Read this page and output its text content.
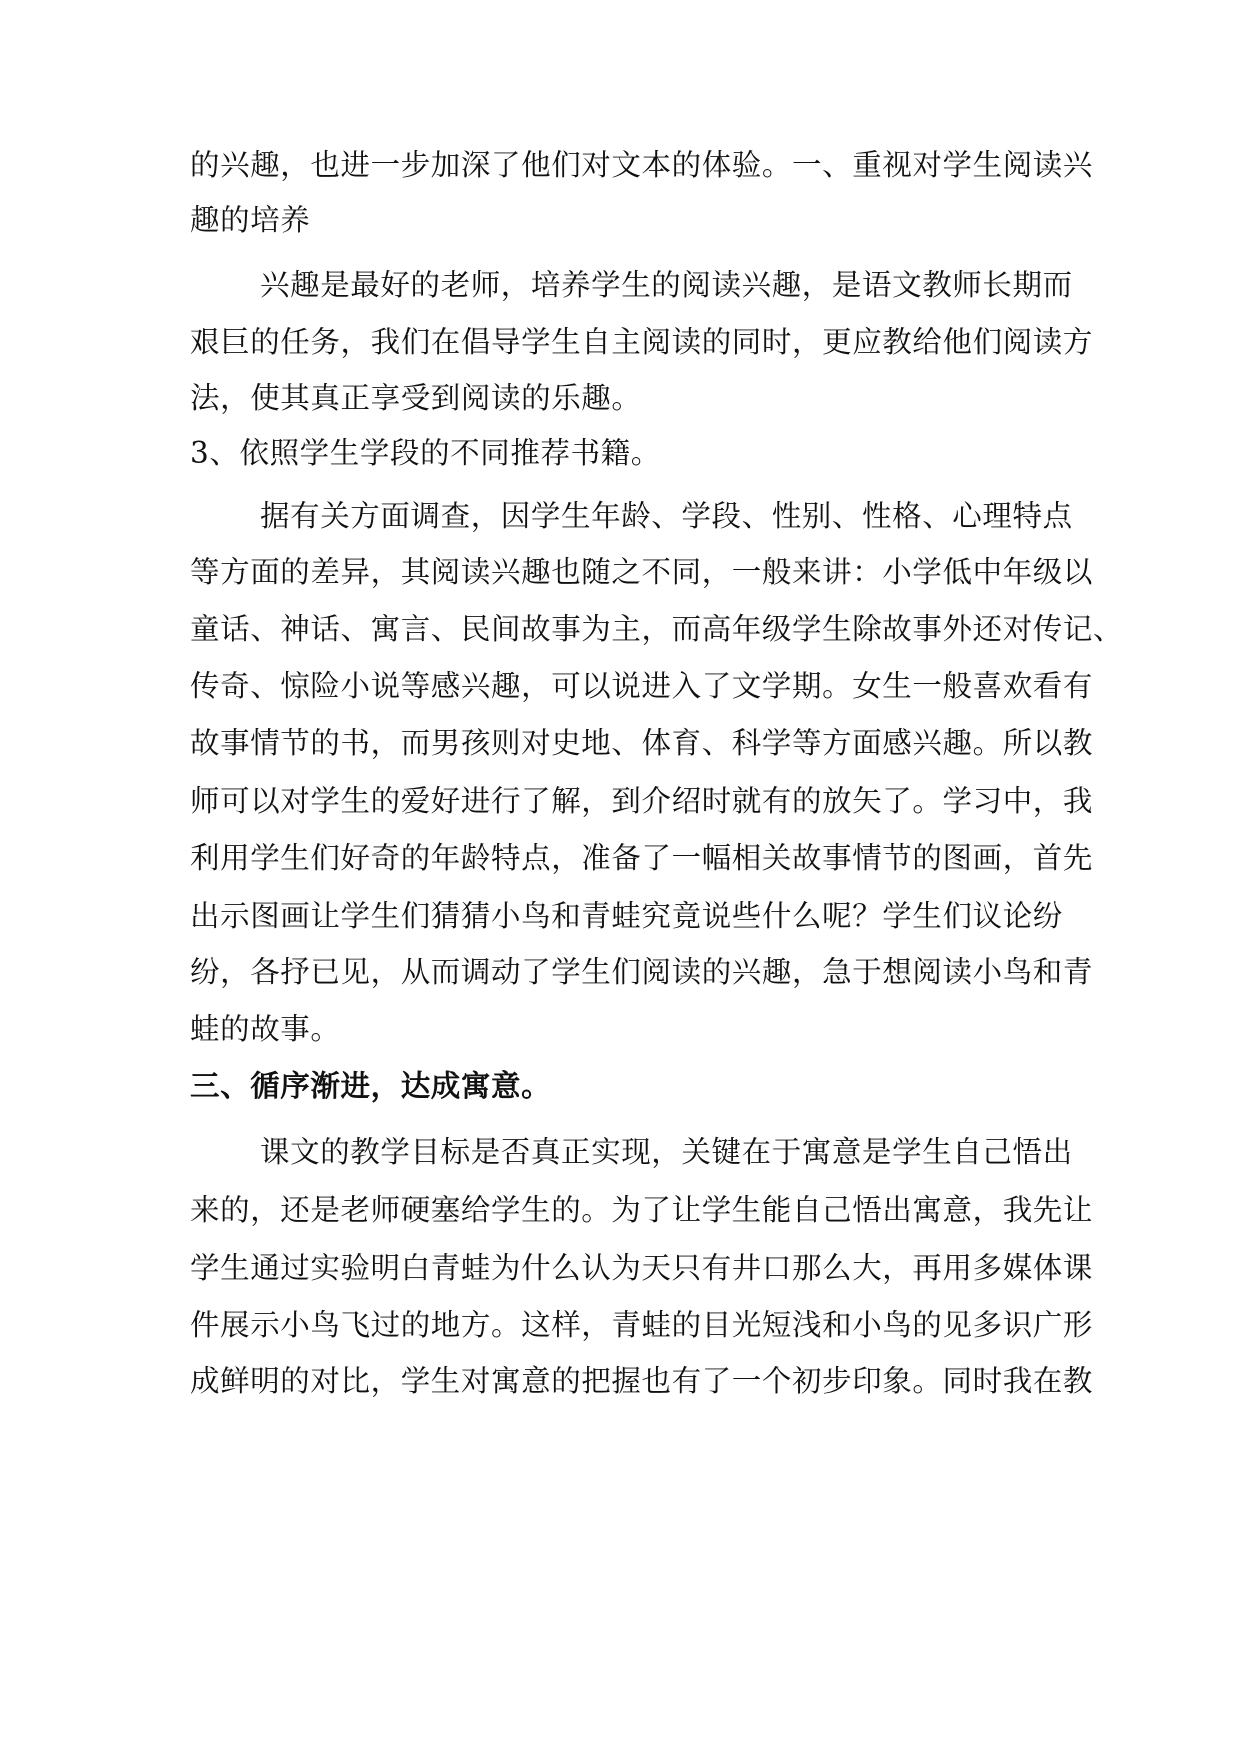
的兴趣，也进一步加深了他们对文本的体验。一、重视对学生阅读兴
趣的培养
兴趣是最好的老师，培养学生的阅读兴趣，是语文教师长期而
艰巨的任务，我们在倡导学生自主阅读的同时，更应教给他们阅读方
法，使其真正享受到阅读的乐趣。
3、依照学生学段的不同推荐书籍。
据有关方面调查，因学生年龄、学段、性别、性格、心理特点
等方面的差异，其阅读兴趣也随之不同，一般来讲：小学低中年级以
童话、神话、寓言、民间故事为主，而高年级学生除故事外还对传记、
传奇、惊险小说等感兴趣，可以说进入了文学期。女生一般喜欢看有
故事情节的书，而男孩则对史地、体育、科学等方面感兴趣。所以教
师可以对学生的爱好进行了解，到介绍时就有的放矢了。学习中，我
利用学生们好奇的年龄特点，准备了一幅相关故事情节的图画，首先
出示图画让学生们猜猜小鸟和青蛙究竟说些什么呢？学生们议论纷
纷，各抒已见，从而调动了学生们阅读的兴趣，急于想阅读小鸟和青
蛙的故事。
三、循序渐进，达成寓意。
课文的教学目标是否真正实现，关键在于寓意是学生自己悟出
来的，还是老师硬塞给学生的。为了让学生能自己悟出寓意，我先让
学生通过实验明白青蛙为什么认为天只有井口那么大，再用多媒体课
件展示小鸟飞过的地方。这样，青蛙的目光短浅和小鸟的见多识广形
成鲜明的对比，学生对寓意的把握也有了一个初步印象。同时我在教
